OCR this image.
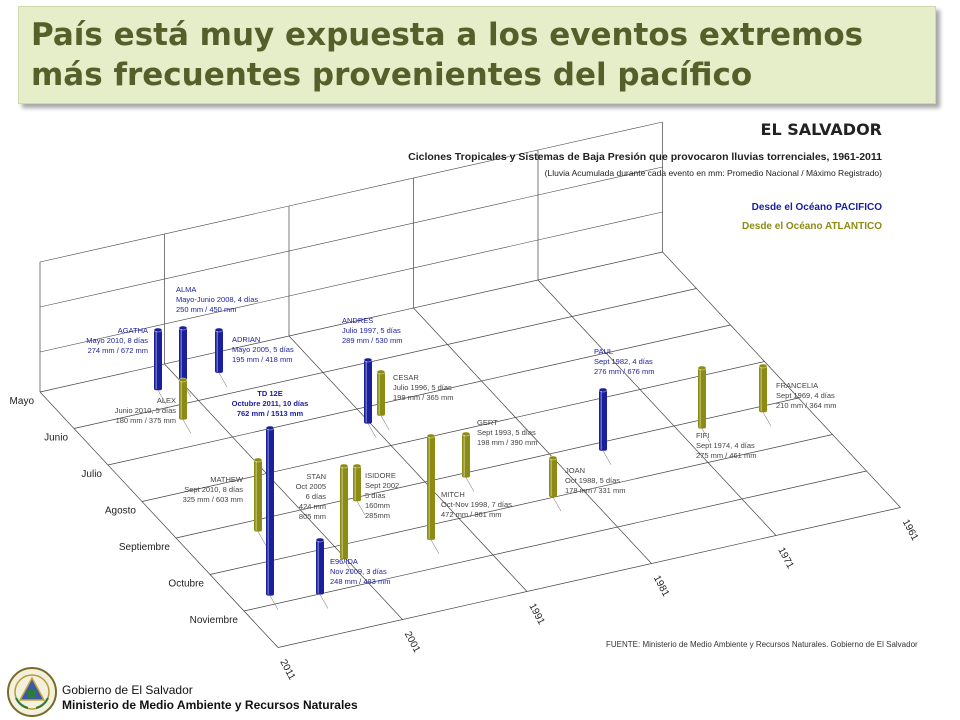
País está muy expuesta a los eventos extremos más frecuentes provenientes del pacífico

Mayo
Junio
Julio
Agosto
Septiembre
Octubre
Noviembre
2011
2001
1991
1981
1971
1961
EL SALVADOR
Ciclones Tropicales y Sistemas de Baja Presión que provocaron lluvias torrenciales, 1961-2011
(Lluvia Acumulada durante cada evento en mm: Promedio Nacional / Máximo Registrado)
Desde el Océano PACIFICO
Desde el Océano ATLANTICO
AGATHA
Mayo 2010, 8 días
274 mm / 672 mm
ALMA
Mayo-Junio 2008, 4 días
250 mm / 450 mm
ADRIAN
Mayo 2005, 5 días
195 mm / 418 mm
ANDRES
Julio 1997, 5 días
289 mm / 530 mm
ALEX
Junio 2010, 5 días
180 mm / 375 mm
CESAR
Julio 1996, 5 días
199 mm / 365 mm
PAUL
Sept 1982, 4 días
276 mm / 676 mm
FRANCELIA
Sept 1969, 4 días
210 mm / 364 mm
TD 12E
Octubre 2011, 10 días
762 mm / 1513 mm
GERT
Sept 1993, 5 días
198 mm / 390 mm
FIFI
Sept 1974, 4 días
275 mm / 461 mm
MATHEW
Sept 2010, 8 días
325 mm / 603 mm
STAN
Oct 2005
6 días
424 mm
805 mm
ISIDORE
Sept 2002
5 días
160mm
285mm
JOAN
Oct 1988, 5 días
178 mm / 331 mm
MITCH
Oct-Nov 1998, 7 días
472 mm / 861 mm
E96/IDA
Nov 2009, 3 días
248 mm / 483 mm
FUENTE: Ministerio de Medio Ambiente y Recursos Naturales. Gobierno de El Salvador
Gobierno de El Salvador
Ministerio de Medio Ambiente y Recursos Naturales
